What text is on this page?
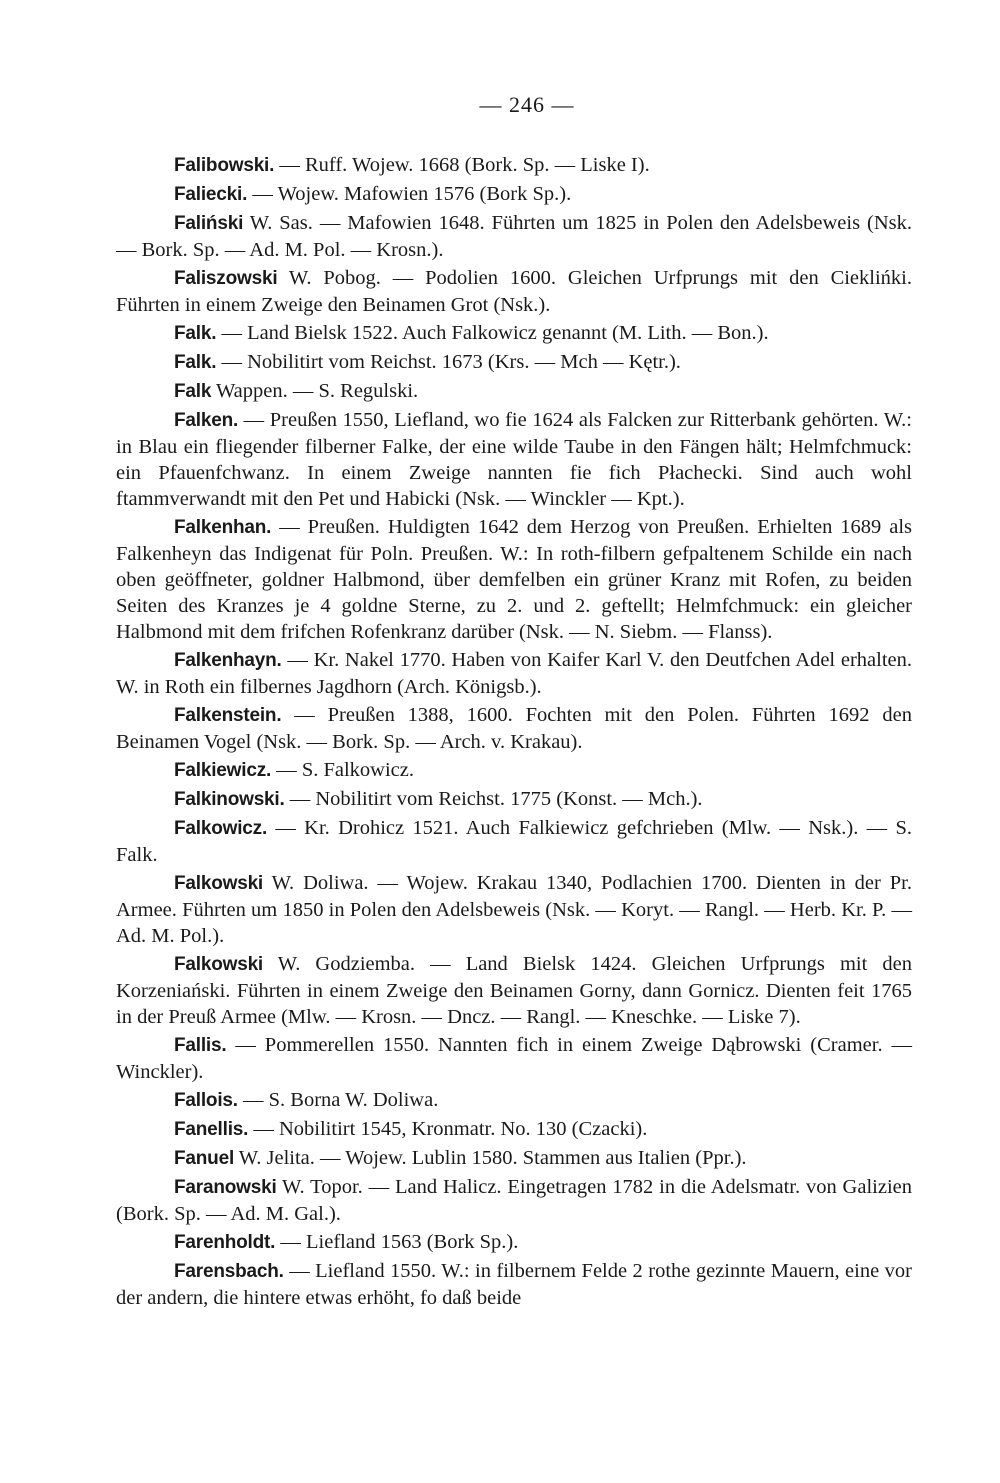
— 246 —

Falibowski. — Ruff. Wojew. 1668 (Bork. Sp. — Liske I).

Faliecki. — Wojew. Mafowien 1576 (Bork Sp.).

Faliński W. Sas. — Mafowien 1648. Führten um 1825 in Polen den Adelsbeweis (Nsk. — Bork. Sp. — Ad. M. Pol. — Krosn.).

Faliszowski W. Pobog. — Podolien 1600. Gleichen Urfprungs mit den Cieklińki. Führten in einem Zweige den Beinamen Grot (Nsk.).

Falk. — Land Bielsk 1522. Auch Falkowicz genannt (M. Lith. — Bon.).

Falk. — Nobilitirt vom Reichst. 1673 (Krs. — Mch — Kętr.).

Falk Wappen. — S. Regulski.

Falken. — Preußen 1550, Liefland, wo fie 1624 als Falcken zur Ritterbank gehörten. W.: in Blau ein fliegender filberner Falke, der eine wilde Taube in den Fängen hält; Helmfchmuck: ein Pfauenfchwanz. In einem Zweige nannten fie fich Płachecki. Sind auch wohl ftammverwandt mit den Pet und Habicki (Nsk. — Winckler — Kpt.).

Falkenhan. — Preußen. Huldigten 1642 dem Herzog von Preußen. Erhielten 1689 als Falkenheyn das Indigenat für Poln. Preußen. W.: In roth-filbern gefpaltenem Schilde ein nach oben geöffneter, goldner Halbmond, über demfelben ein grüner Kranz mit Rofen, zu beiden Seiten des Kranzes je 4 goldne Sterne, zu 2. und 2. geftellt; Helmfchmuck: ein gleicher Halbmond mit dem frifchen Rofenkranz darüber (Nsk. — N. Siebm. — Flanss).

Falkenhayn. — Kr. Nakel 1770. Haben von Kaifer Karl V. den Deutfchen Adel erhalten. W. in Roth ein filbernes Jagdhorn (Arch. Königsb.).

Falkenstein. — Preußen 1388, 1600. Fochten mit den Polen. Führten 1692 den Beinamen Vogel (Nsk. — Bork. Sp. — Arch. v. Krakau).

Falkiewicz. — S. Falkowicz.

Falkinowski. — Nobilitirt vom Reichst. 1775 (Konst. — Mch.).

Falkowicz. — Kr. Drohicz 1521. Auch Falkiewicz gefchrieben (Mlw. — Nsk.). — S. Falk.

Falkowski W. Doliwa. — Wojew. Krakau 1340, Podlachien 1700. Dienten in der Pr. Armee. Führten um 1850 in Polen den Adelsbeweis (Nsk. — Koryt. — Rangl. — Herb. Kr. P. — Ad. M. Pol.).

Falkowski W. Godziemba. — Land Bielsk 1424. Gleichen Urfprungs mit den Korzeniański. Führten in einem Zweige den Beinamen Gorny, dann Gornicz. Dienten feit 1765 in der Preuß Armee (Mlw. — Krosn. — Dncz. — Rangl. — Kneschke. — Liske 7).

Fallis. — Pommerellen 1550. Nannten fich in einem Zweige Dąbrowski (Cramer. — Winckler).

Fallois. — S. Borna W. Doliwa.

Fanellis. — Nobilitirt 1545, Kronmatr. No. 130 (Czacki).

Fanuel W. Jelita. — Wojew. Lublin 1580. Stammen aus Italien (Ppr.).

Faranowski W. Topor. — Land Halicz. Eingetragen 1782 in die Adelsmatr. von Galizien (Bork. Sp. — Ad. M. Gal.).

Farenholdt. — Liefland 1563 (Bork Sp.).

Farensbach. — Liefland 1550. W.: in filbernem Felde 2 rothe gezinnte Mauern, eine vor der andern, die hintere etwas erhöht, fo daß beide
